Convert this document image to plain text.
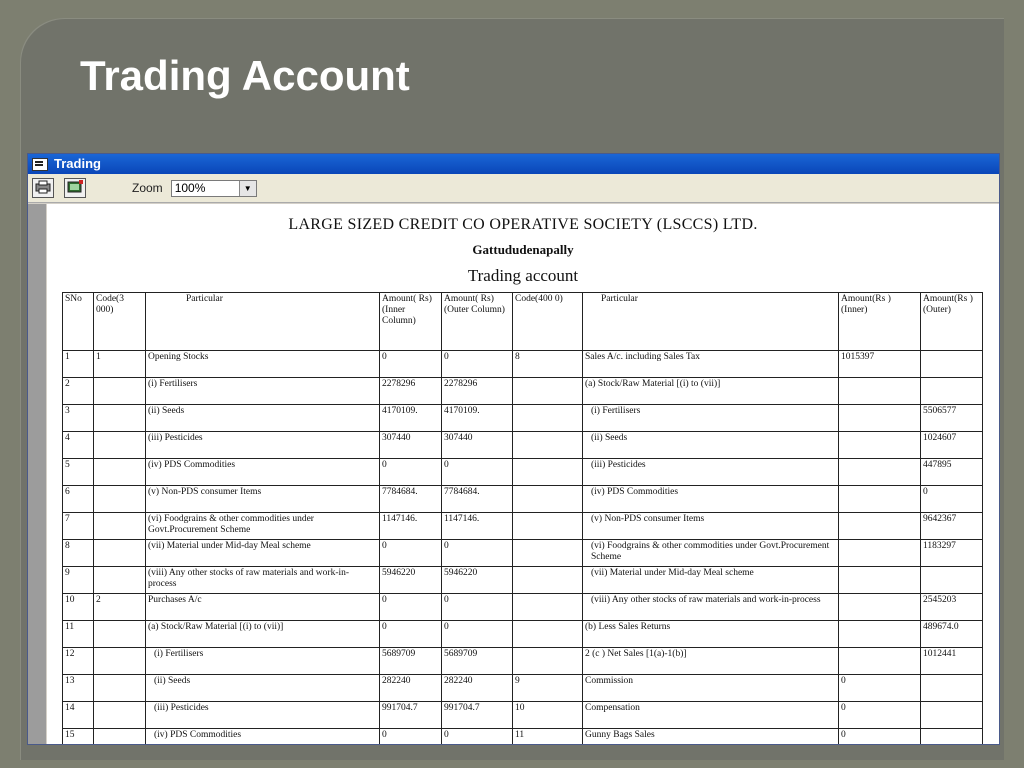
Trading Account
Trading
Zoom 100%	▼
LARGE SIZED CREDIT CO OPERATIVE SOCIETY (LSCCS) LTD.
Gattududenapally
Trading account
SNo	Code(3 000)	Particular	Amount( Rs) (Inner Column)	Amount( Rs) (Outer Column)	Code(400 0)	Particular	Amount(Rs ) (Inner)	Amount(Rs ) (Outer)
1	1	Opening Stocks	0	0	8	Sales A/c. including Sales Tax	1015397	
2		(i) Fertilisers	2278296	2278296		(a) Stock/Raw Material [(i) to (vii)]		
3		(ii) Seeds	4170109.	4170109.		(i) Fertilisers		5506577
4		(iii) Pesticides	307440	307440		(ii) Seeds		1024607
5		(iv) PDS Commodities	0	0		(iii) Pesticides		447895
6		(v) Non-PDS consumer Items	7784684.	7784684.		(iv) PDS Commodities		0
7		(vi) Foodgrains & other commodities under Govt.Procurement Scheme	1147146.	1147146.		(v) Non-PDS consumer Items		9642367
8		(vii) Material under Mid-day Meal scheme	0	0		(vi) Foodgrains & other commodities under Govt.Procurement Scheme		1183297
9		(viii) Any other stocks of raw materials and work-in-process	5946220	5946220		(vii) Material under Mid-day Meal scheme		
10	2	Purchases A/c	0	0		(viii) Any other stocks of raw materials and work-in-process		2545203
11		(a) Stock/Raw Material [(i) to (vii)]	0	0		(b) Less Sales Returns		489674.0
12		(i) Fertilisers	5689709	5689709		2 (c ) Net Sales [1(a)-1(b)]		1012441
13		(ii) Seeds	282240	282240	9	Commission	0	
14		(iii) Pesticides	991704.7	991704.7	10	Compensation	0	
15		(iv) PDS Commodities	0	0	11	Gunny Bags Sales	0	
